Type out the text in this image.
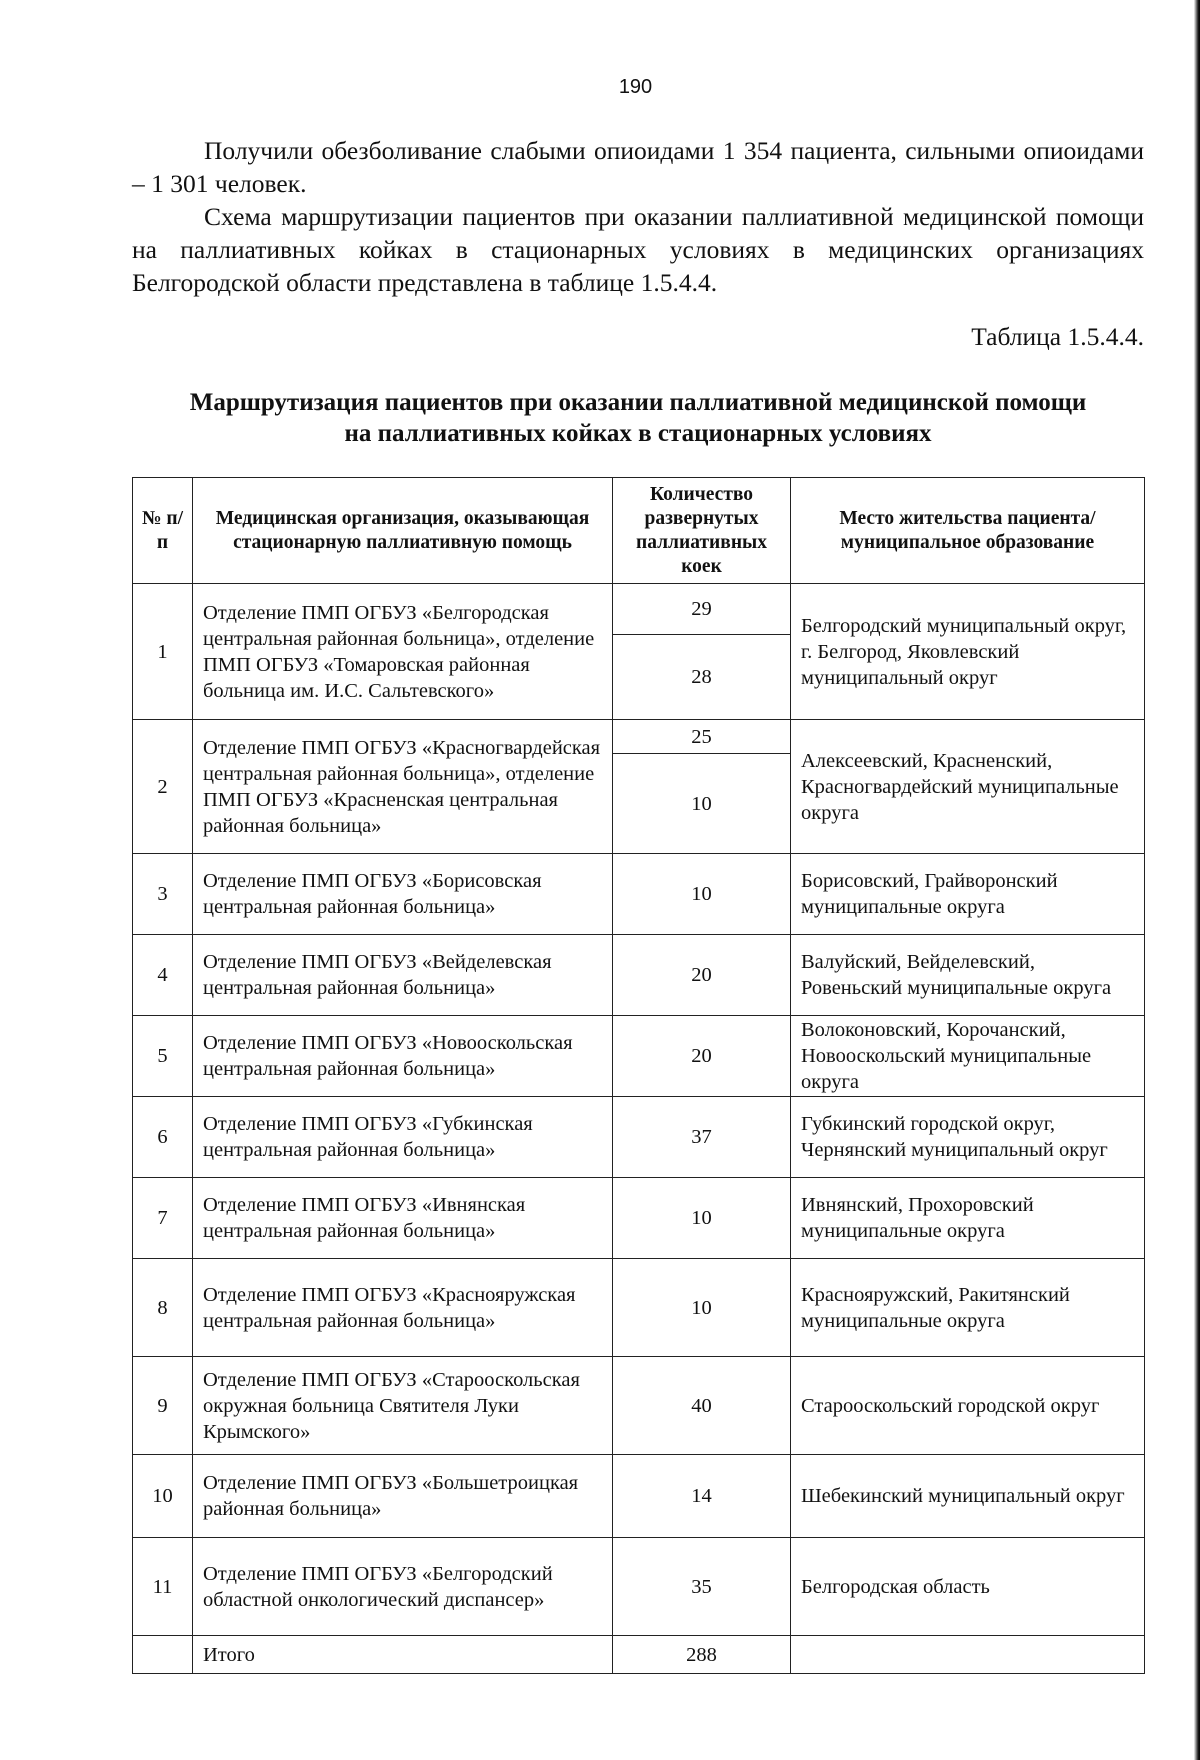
190

Получили обезболивание слабыми опиоидами 1 354 пациента, сильными опиоидами – 1 301 человек.

Схема маршрутизации пациентов при оказании паллиативной медицинской помощи на паллиативных койках в стационарных условиях в медицинских организациях Белгородской области представлена в таблице 1.5.4.4.

Таблица 1.5.4.4.
Маршрутизация пациентов при оказании паллиативной медицинской помощи
на паллиативных койках в стационарных условиях
№ п/п	Медицинская организация, оказывающая стационарную паллиативную помощь	Количество развернутых паллиативных коек	Место жительства пациента/ муниципальное образование
1	Отделение ПМП ОГБУЗ «Белгородская центральная районная больница», отделение ПМП ОГБУЗ «Томаровская районная больница им. И.С. Сальтевского»	29	Белгородский муниципальный округ, г. Белгород, Яковлевский муниципальный округ
		28	
2	Отделение ПМП ОГБУЗ «Красногвардейская центральная районная больница», отделение ПМП ОГБУЗ «Красненская центральная районная больница»	25	Алексеевский, Красненский, Красногвардейский муниципальные округа
		10	
3	Отделение ПМП ОГБУЗ «Борисовская центральная районная больница»	10	Борисовский, Грайворонский муниципальные округа
4	Отделение ПМП ОГБУЗ «Вейделевская центральная районная больница»	20	Валуйский, Вейделевский, Ровеньский муниципальные округа
5	Отделение ПМП ОГБУЗ «Новооскольская центральная районная больница»	20	Волоконовский, Корочанский, Новооскольский муниципальные округа
6	Отделение ПМП ОГБУЗ «Губкинская центральная районная больница»	37	Губкинский городской округ, Чернянский муниципальный округ
7	Отделение ПМП ОГБУЗ «Ивнянская центральная районная больница»	10	Ивнянский, Прохоровский муниципальные округа
8	Отделение ПМП ОГБУЗ «Краснояружская центральная районная больница»	10	Краснояружский, Ракитянский муниципальные округа
9	Отделение ПМП ОГБУЗ «Старооскольская окружная больница Святителя Луки Крымского»	40	Старооскольский городской округ
10	Отделение ПМП ОГБУЗ «Большетроицкая районная больница»	14	Шебекинский муниципальный округ
11	Отделение ПМП ОГБУЗ «Белгородский областной онкологический диспансер»	35	Белгородская область
	Итого	288	
